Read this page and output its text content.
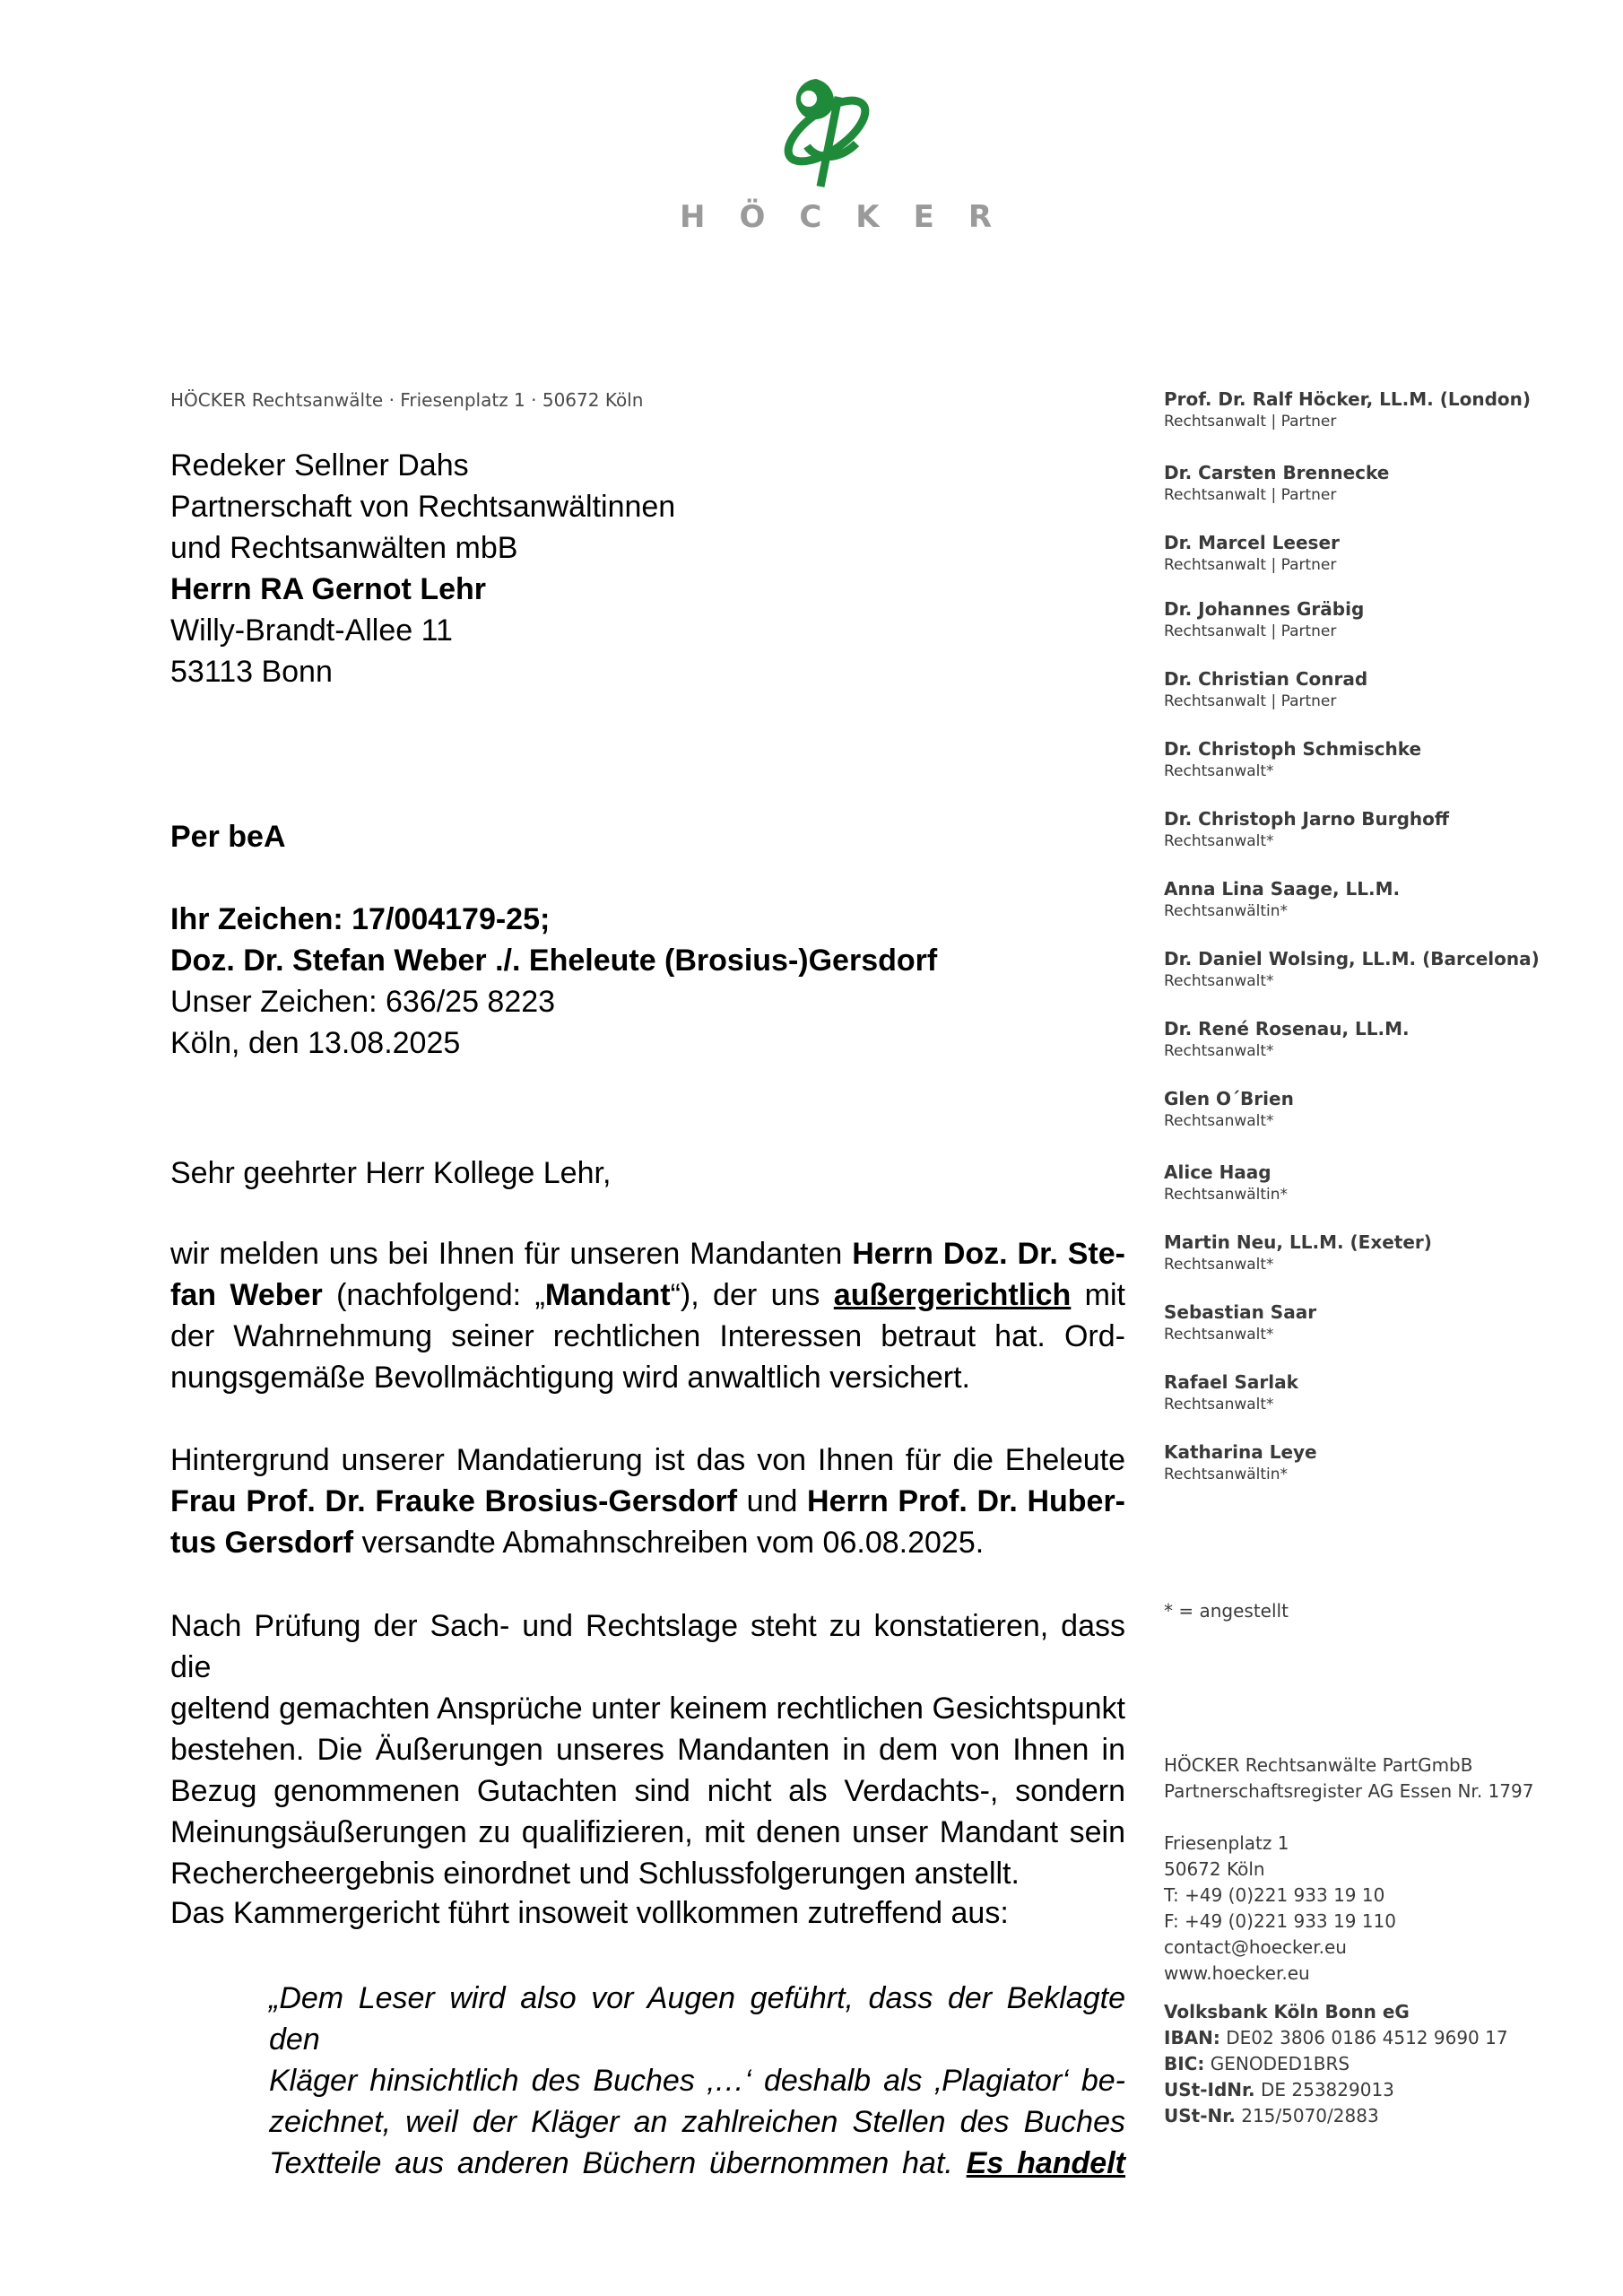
HÖCKER
HÖCKER Rechtsanwälte · Friesenplatz 1 · 50672 Köln
Redeker Sellner Dahs
Partnerschaft von Rechtsanwältinnen
und Rechtsanwälten mbB
Herrn RA Gernot Lehr
Willy-Brandt-Allee 11
53113 Bonn
Per beA
Ihr Zeichen: 17/004179-25;
Doz. Dr. Stefan Weber ./. Eheleute (Brosius-)Gersdorf
Unser Zeichen: 636/25 8223
Köln, den 13.08.2025
Sehr geehrter Herr Kollege Lehr,

wir melden uns bei Ihnen für unseren Mandanten Herrn Doz. Dr. Ste-

fan Weber (nachfolgend: „Mandant“), der uns außergerichtlich mit

der Wahrnehmung seiner rechtlichen Interessen betraut hat. Ord-

nungsgemäße Bevollmächtigung wird anwaltlich versichert.

Hintergrund unserer Mandatierung ist das von Ihnen für die Eheleute

Frau Prof. Dr. Frauke Brosius-Gersdorf und Herrn Prof. Dr. Huber-

tus Gersdorf versandte Abmahnschreiben vom 06.08.2025.

Nach Prüfung der Sach- und Rechtslage steht zu konstatieren, dass die

geltend gemachten Ansprüche unter keinem rechtlichen Gesichtspunkt

bestehen. Die Äußerungen unseres Mandanten in dem von Ihnen in

Bezug genommenen Gutachten sind nicht als Verdachts-, sondern

Meinungsäußerungen zu qualifizieren, mit denen unser Mandant sein

Rechercheergebnis einordnet und Schlussfolgerungen anstellt.

Das Kammergericht führt insoweit vollkommen zutreffend aus:

„Dem Leser wird also vor Augen geführt, dass der Beklagte den

Kläger hinsichtlich des Buches ‚…‘ deshalb als ‚Plagiator‘ be-

zeichnet, weil der Kläger an zahlreichen Stellen des Buches

Textteile aus anderen Büchern übernommen hat. Es handelt

Prof. Dr. Ralf Höcker, LL.M. (London)
Rechtsanwalt | Partner
Dr. Carsten Brennecke
Rechtsanwalt | Partner
Dr. Marcel Leeser
Rechtsanwalt | Partner
Dr. Johannes Gräbig
Rechtsanwalt | Partner
Dr. Christian Conrad
Rechtsanwalt | Partner
Dr. Christoph Schmischke
Rechtsanwalt*
Dr. Christoph Jarno Burghoff
Rechtsanwalt*
Anna Lina Saage, LL.M.
Rechtsanwältin*
Dr. Daniel Wolsing, LL.M. (Barcelona)
Rechtsanwalt*
Dr. René Rosenau, LL.M.
Rechtsanwalt*
Glen O´Brien
Rechtsanwalt*
Alice Haag
Rechtsanwältin*
Martin Neu, LL.M. (Exeter)
Rechtsanwalt*
Sebastian Saar
Rechtsanwalt*
Rafael Sarlak
Rechtsanwalt*
Katharina Leye
Rechtsanwältin*
* = angestellt
HÖCKER Rechtsanwälte PartGmbB
Partnerschaftsregister AG Essen Nr. 1797
Friesenplatz 1
50672 Köln
T: +49 (0)221 933 19 10
F: +49 (0)221 933 19 110
contact@hoecker.eu
www.hoecker.eu
Volksbank Köln Bonn eG
IBAN: DE02 3806 0186 4512 9690 17
BIC: GENODED1BRS
USt-IdNr. DE 253829013
USt-Nr. 215/5070/2883
